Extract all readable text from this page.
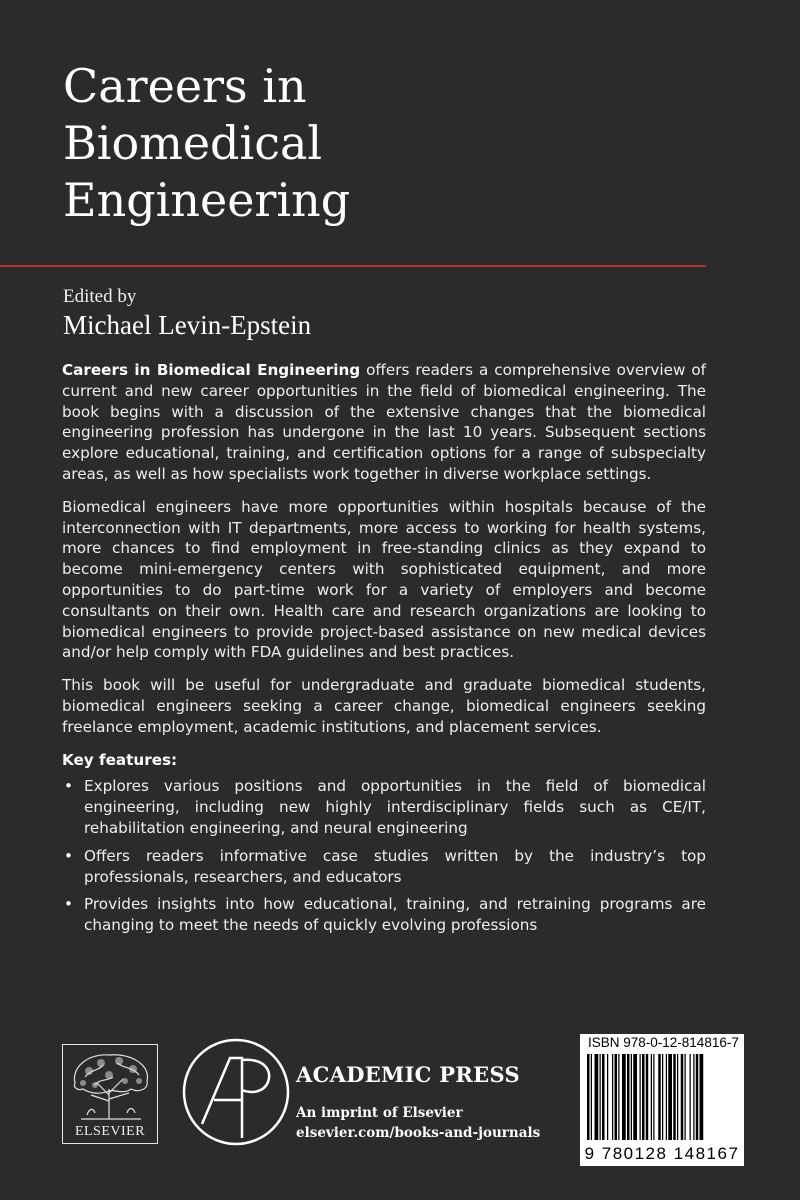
Careers in
Biomedical
Engineering
Edited by
Michael Levin-Epstein

Careers in Biomedical Engineering offers readers a comprehensive overview of current and new career opportunities in the field of biomedical engineering. The book begins with a discussion of the extensive changes that the biomedical engineering profession has undergone in the last 10 years. Subsequent sections explore educational, training, and certification options for a range of subspecialty areas, as well as how specialists work together in diverse workplace settings.

Biomedical engineers have more opportunities within hospitals because of the interconnection with IT departments, more access to working for health systems, more chances to find employment in free-standing clinics as they expand to become mini-emergency centers with sophisticated equipment, and more opportunities to do part-time work for a variety of employers and become consultants on their own. Health care and research organizations are looking to biomedical engineers to provide project-based assistance on new medical devices and/or help comply with FDA guidelines and best practices.

This book will be useful for undergraduate and graduate biomedical students, biomedical engineers seeking a career change, biomedical engineers seeking freelance employment, academic institutions, and placement services.

Key features:
• Explores various positions and opportunities in the field of biomedical engineering, including new highly interdisciplinary fields such as CE/IT, rehabilitation engineering, and neural engineering
• Offers readers informative case studies written by the industry’s top professionals, researchers, and educators
• Provides insights into how educational, training, and retraining programs are changing to meet the needs of quickly evolving professions
ELSEVIER
ACADEMIC PRESS
An imprint of Elsevier
elsevier.com/books-and-journals
ISBN 978-0-12-814816-7
9 780128 148167
